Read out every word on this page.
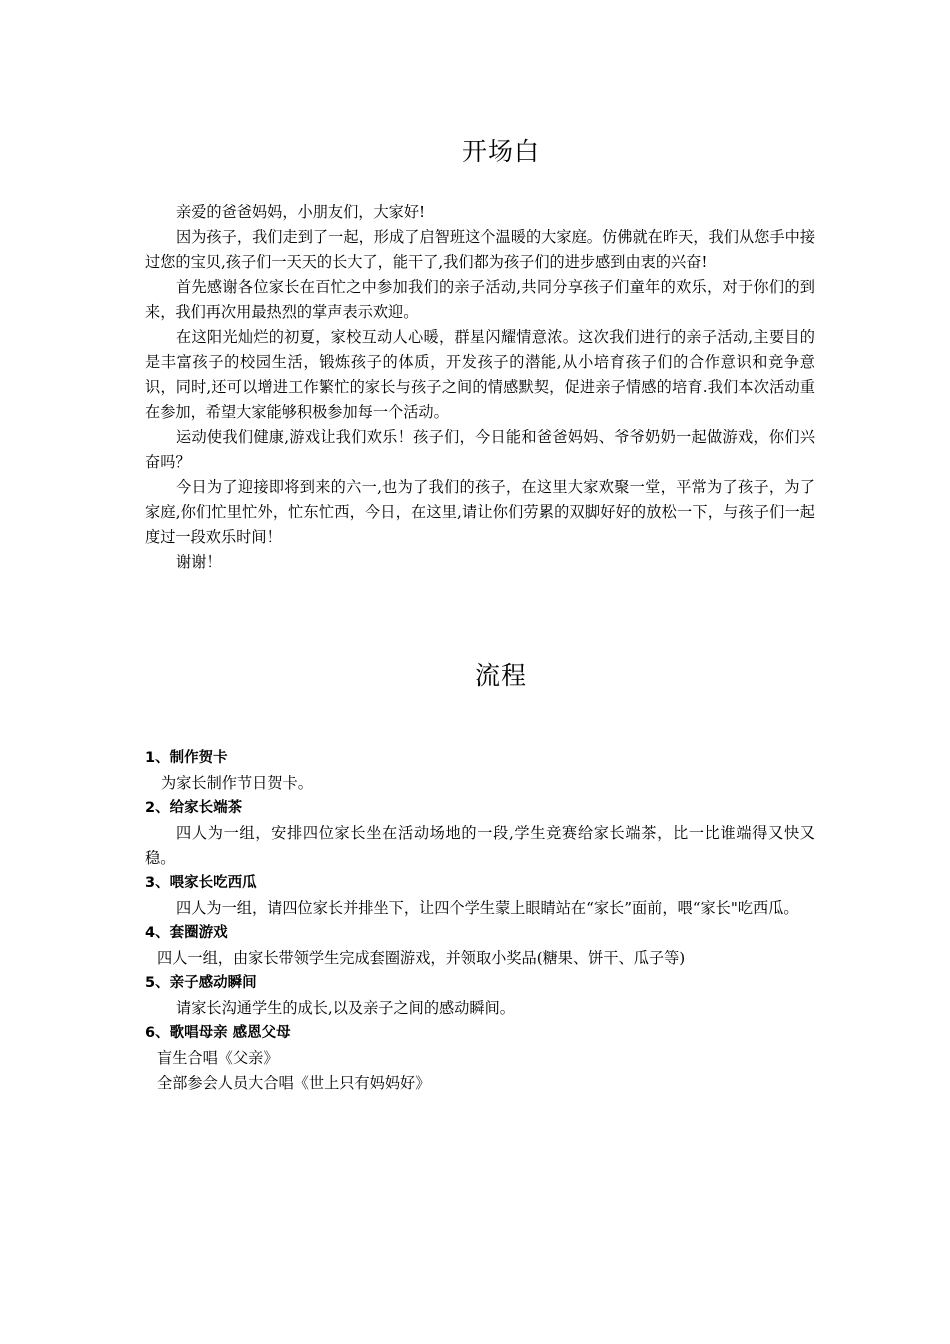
开场白

亲爱的爸爸妈妈，小朋友们，大家好!

因为孩子，我们走到了一起，形成了启智班这个温暖的大家庭。仿佛就在昨天，我们从您手中接过您的宝贝,孩子们一天天的长大了，能干了,我们都为孩子们的进步感到由衷的兴奋!

首先感谢各位家长在百忙之中参加我们的亲子活动,共同分享孩子们童年的欢乐，对于你们的到来，我们再次用最热烈的掌声表示欢迎。

在这阳光灿烂的初夏，家校互动人心暖，群星闪耀情意浓。这次我们进行的亲子活动,主要目的是丰富孩子的校园生活，锻炼孩子的体质，开发孩子的潜能,从小培育孩子们的合作意识和竞争意识，同时,还可以增进工作繁忙的家长与孩子之间的情感默契，促进亲子情感的培育.我们本次活动重在参加，希望大家能够积极参加每一个活动。

运动使我们健康,游戏让我们欢乐！孩子们，今日能和爸爸妈妈、爷爷奶奶一起做游戏，你们兴奋吗？

今日为了迎接即将到来的六一,也为了我们的孩子，在这里大家欢聚一堂，平常为了孩子，为了家庭,你们忙里忙外，忙东忙西，今日，在这里,请让你们劳累的双脚好好的放松一下，与孩子们一起度过一段欢乐时间！

谢谢！

流程

1、制作贺卡

为家长制作节日贺卡。

2、给家长端茶

四人为一组，安排四位家长坐在活动场地的一段,学生竞赛给家长端茶，比一比谁端得又快又稳。

3、喂家长吃西瓜

四人为一组，请四位家长并排坐下，让四个学生蒙上眼睛站在“家长”面前，喂“家长"吃西瓜。

4、套圈游戏

四人一组，由家长带领学生完成套圈游戏，并领取小奖品(糖果、饼干、瓜子等)

5、亲子感动瞬间

请家长沟通学生的成长,以及亲子之间的感动瞬间。

6、歌唱母亲 感恩父母

盲生合唱《父亲》

全部参会人员大合唱《世上只有妈妈好》
